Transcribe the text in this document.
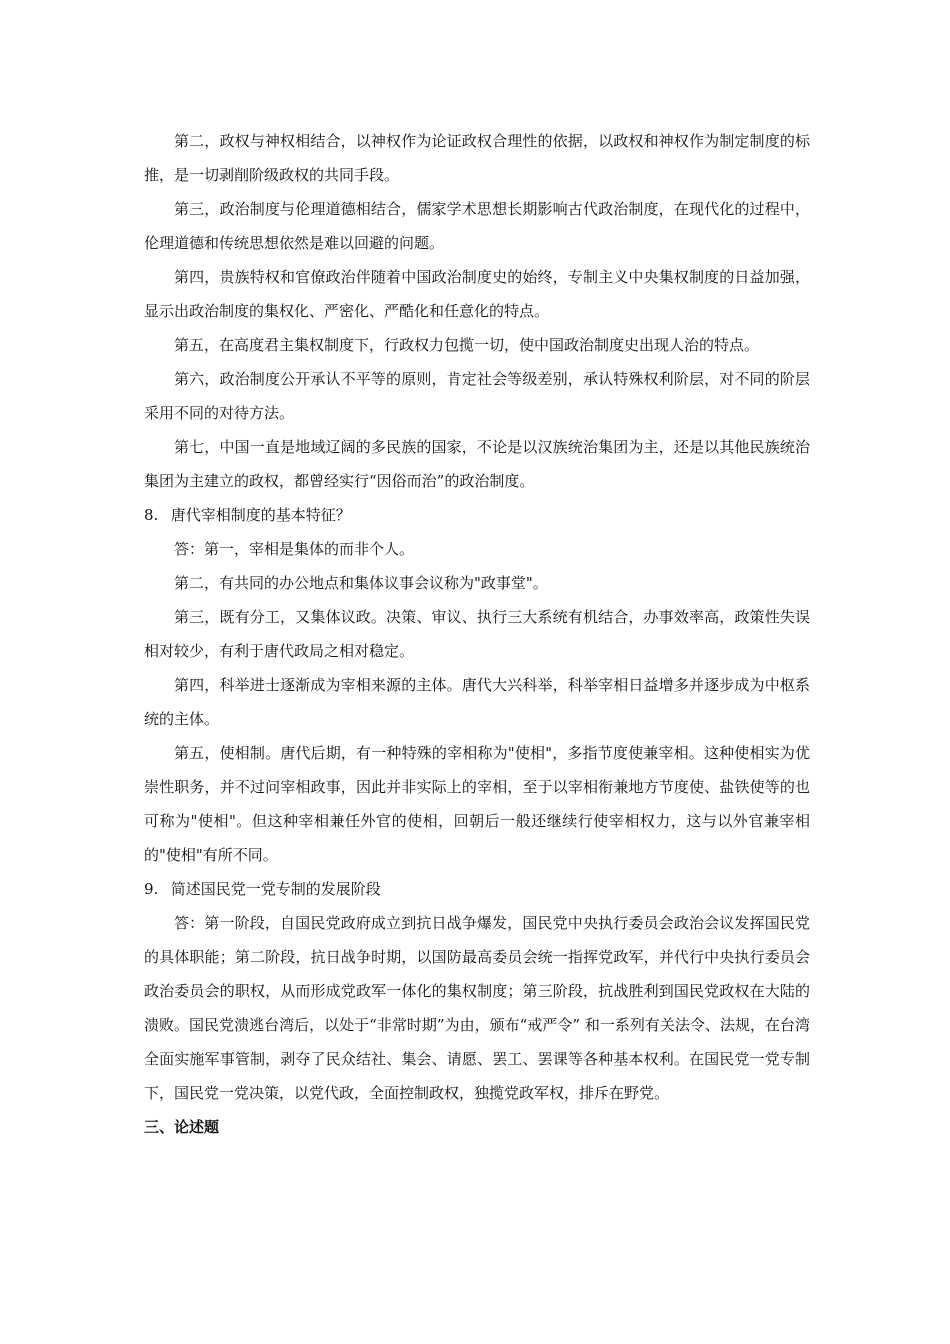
第二，政权与神权相结合，以神权作为论证政权合理性的依据，以政权和神权作为制定制度的标推，是一切剥削阶级政权的共同手段。

第三，政治制度与伦理道德相结合，儒家学术思想长期影响古代政治制度，在现代化的过程中，伦理道德和传统思想依然是难以回避的问题。

第四，贵族特权和官僚政治伴随着中国政治制度史的始终，专制主义中央集权制度的日益加强，显示出政治制度的集权化、严密化、严酷化和任意化的特点。

第五，在高度君主集权制度下，行政权力包揽一切，使中国政治制度史出现人治的特点。

第六，政治制度公开承认不平等的原则，肯定社会等级差别，承认特殊权利阶层，对不同的阶层采用不同的对待方法。

第七，中国一直是地域辽阔的多民族的国家，不论是以汉族统治集团为主，还是以其他民族统治集团为主建立的政权，都曾经实行“因俗而治”的政治制度。

8. 唐代宰相制度的基本特征？

答：第一，宰相是集体的而非个人。

第二，有共同的办公地点和集体议事会议称为"政事堂"。

第三，既有分工，又集体议政。决策、审议、执行三大系统有机结合，办事效率高，政策性失误相对较少，有利于唐代政局之相对稳定。

第四，科举进士逐渐成为宰相来源的主体。唐代大兴科举，科举宰相日益增多并逐步成为中枢系统的主体。

第五，使相制。唐代后期，有一种特殊的宰相称为"使相"，多指节度使兼宰相。这种使相实为优崇性职务，并不过问宰相政事，因此并非实际上的宰相，至于以宰相衔兼地方节度使、盐铁使等的也可称为"使相"。但这种宰相兼任外官的使相，回朝后一般还继续行使宰相权力，这与以外官兼宰相的"使相"有所不同。

9. 简述国民党一党专制的发展阶段

答：第一阶段，自国民党政府成立到抗日战争爆发，国民党中央执行委员会政治会议发挥国民党的具体职能；第二阶段，抗日战争时期，以国防最高委员会统一指挥党政军，并代行中央执行委员会政治委员会的职权，从而形成党政军一体化的集权制度；第三阶段，抗战胜利到国民党政权在大陆的溃败。国民党溃逃台湾后，以处于“非常时期”为由，颁布“戒严令” 和一系列有关法令、法规，在台湾全面实施军事管制，剥夺了民众结社、集会、请愿、罢工、罢课等各种基本权利。在国民党一党专制下，国民党一党决策，以党代政，全面控制政权，独揽党政军权，排斥在野党。

三、论述题
